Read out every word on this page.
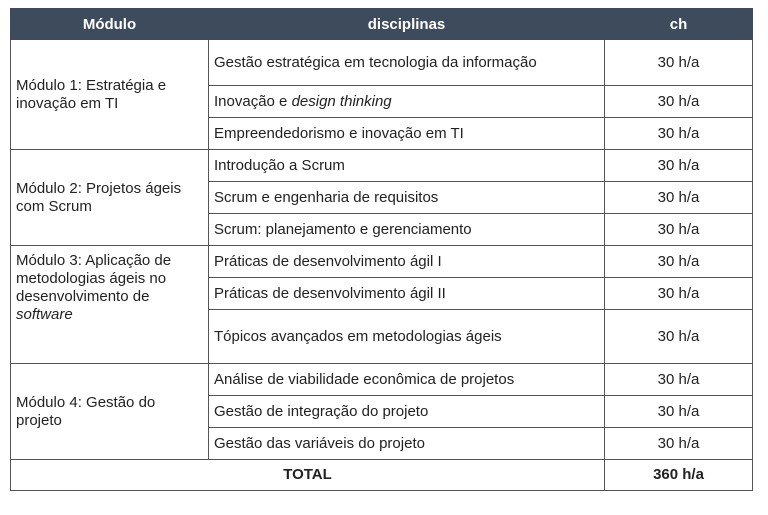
Módulo	disciplinas	ch
Módulo 1: Estratégia e inovação em TI	Gestão estratégica em tecnologia da informação	30 h/a
	Inovação e design thinking	30 h/a
	Empreendedorismo e inovação em TI	30 h/a
Módulo 2: Projetos ágeis com Scrum	Introdução a Scrum	30 h/a
	Scrum e engenharia de requisitos	30 h/a
	Scrum: planejamento e gerenciamento	30 h/a
Módulo 3: Aplicação de metodologias ágeis no desenvolvimento de software	Práticas de desenvolvimento ágil I	30 h/a
	Práticas de desenvolvimento ágil II	30 h/a
	Tópicos avançados em metodologias ágeis	30 h/a
Módulo 4: Gestão do projeto	Análise de viabilidade econômica de projetos	30 h/a
	Gestão de integração do projeto	30 h/a
	Gestão das variáveis do projeto	30 h/a
TOTAL		360 h/a
